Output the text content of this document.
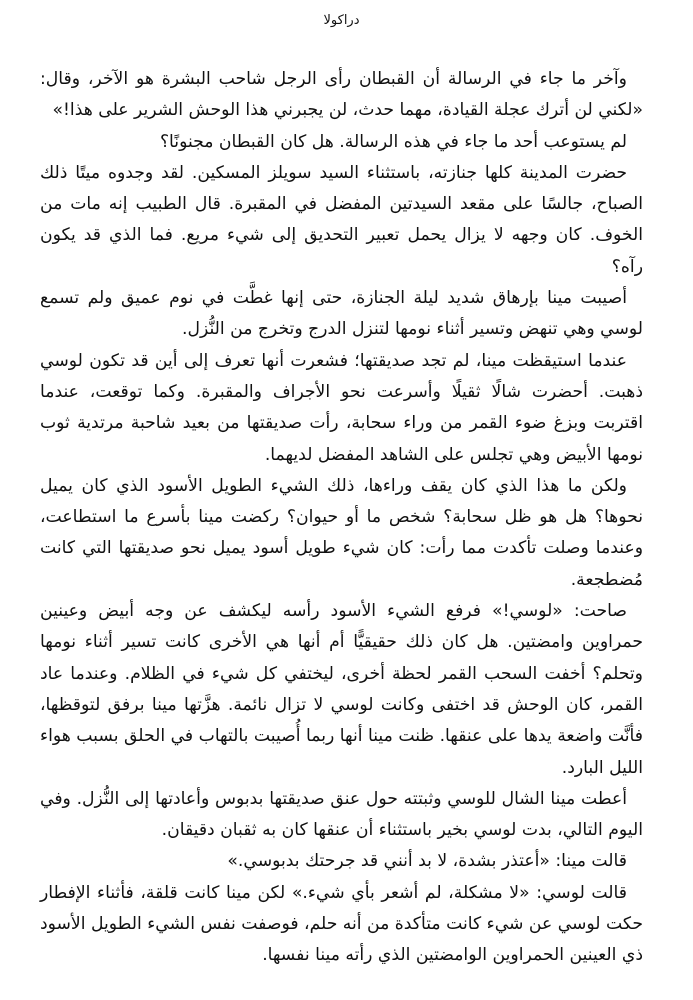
دراكولا

وآخر ما جاء في الرسالة أن القبطان رأى الرجل شاحب البشرة هو الآخر، وقال: «لكني لن أترك عجلة القيادة، مهما حدث، لن يجبرني هذا الوحش الشرير على هذا!»

لم يستوعب أحد ما جاء في هذه الرسالة. هل كان القبطان مجنونًا؟

حضرت المدينة كلها جنازته، باستثناء السيد سويلز المسكين. لقد وجدوه ميتًا ذلك الصباح، جالسًا على مقعد السيدتين المفضل في المقبرة. قال الطبيب إنه مات من الخوف. كان وجهه لا يزال يحمل تعبير التحديق إلى شيء مريع. فما الذي قد يكون رآه؟

أصيبت مينا بإرهاق شديد ليلة الجنازة، حتى إنها غطَّت في نوم عميق ولم تسمع لوسي وهي تنهض وتسير أثناء نومها لتنزل الدرج وتخرج من النُّزل.

عندما استيقظت مينا، لم تجد صديقتها؛ فشعرت أنها تعرف إلى أين قد تكون لوسي ذهبت. أحضرت شالًا ثقيلًا وأسرعت نحو الأجراف والمقبرة. وكما توقعت، عندما اقتربت وبزغ ضوء القمر من وراء سحابة، رأت صديقتها من بعيد شاحبة مرتدية ثوب نومها الأبيض وهي تجلس على الشاهد المفضل لديهما.

ولكن ما هذا الذي كان يقف وراءها، ذلك الشيء الطويل الأسود الذي كان يميل نحوها؟ هل هو ظل سحابة؟ شخص ما أو حيوان؟ ركضت مينا بأسرع ما استطاعت، وعندما وصلت تأكدت مما رأت: كان شيء طويل أسود يميل نحو صديقتها التي كانت مُضطجعة.

صاحت: «لوسي!» فرفع الشيء الأسود رأسه ليكشف عن وجه أبيض وعينين حمراوين وامضتين. هل كان ذلك حقيقيًّا أم أنها هي الأخرى كانت تسير أثناء نومها وتحلم؟ أخفت السحب القمر لحظة أخرى، ليختفي كل شيء في الظلام. وعندما عاد القمر، كان الوحش قد اختفى وكانت لوسي لا تزال نائمة. هزَّتها مينا برفق لتوقظها، فأنَّت واضعة يدها على عنقها. ظنت مينا أنها ربما أُصيبت بالتهاب في الحلق بسبب هواء الليل البارد.

أعطت مينا الشال للوسي وثبتته حول عنق صديقتها بدبوس وأعادتها إلى النُّزل. وفي اليوم التالي، بدت لوسي بخير باستثناء أن عنقها كان به ثقبان دقيقان.

قالت مينا: «أعتذر بشدة، لا بد أنني قد جرحتك بدبوسي.»

قالت لوسي: «لا مشكلة، لم أشعر بأي شيء.» لكن مينا كانت قلقة، فأثناء الإفطار حكت لوسي عن شيء كانت متأكدة من أنه حلم، فوصفت نفس الشيء الطويل الأسود ذي العينين الحمراوين الوامضتين الذي رأته مينا نفسها.
